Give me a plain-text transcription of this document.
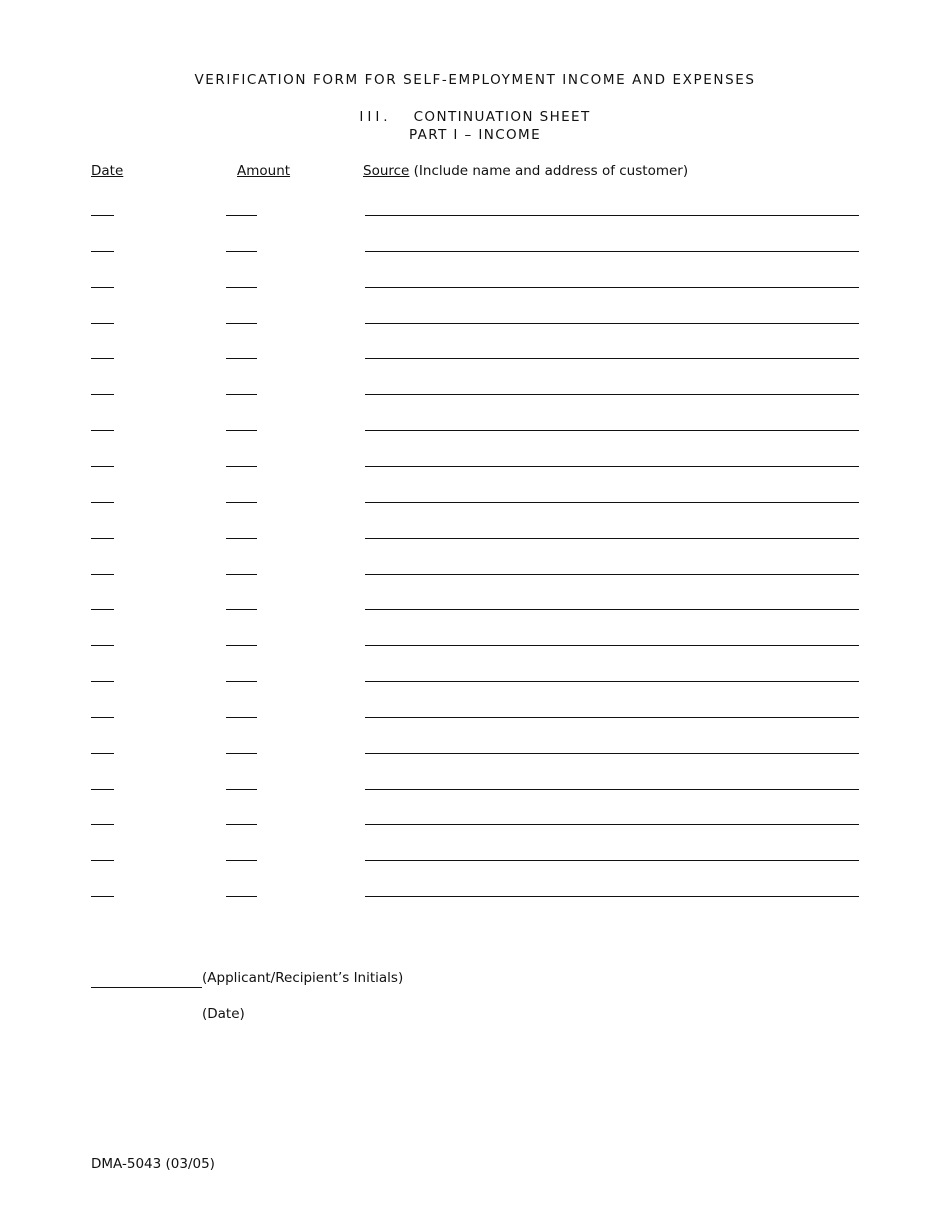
VERIFICATION FORM FOR SELF-EMPLOYMENT INCOME AND EXPENSES
III. CONTINUATION SHEET
PART I – INCOME
Date	Amount	Source (Include name and address of customer)
(Applicant/Recipient’s Initials)
(Date)
DMA-5043 (03/05)
